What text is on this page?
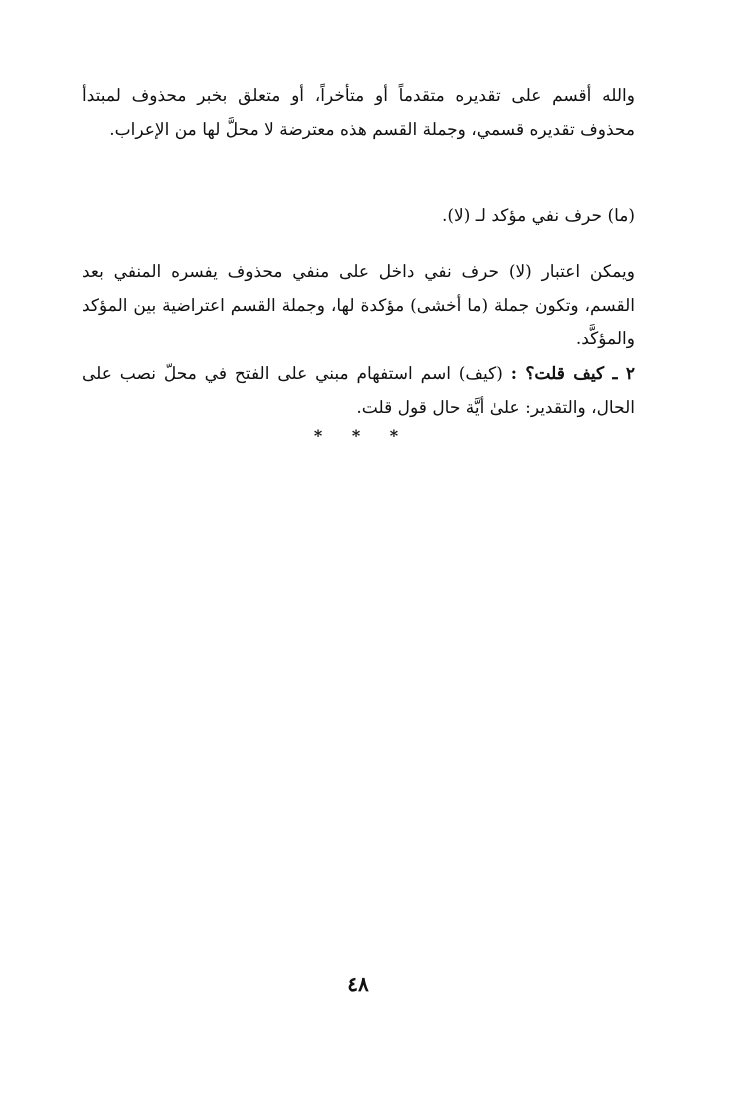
والله أقسم على تقديره متقدماً أو متأخراً، أو متعلق بخبر محذوف لمبتدأ محذوف تقديره قسمي، وجملة القسم هذه معترضة لا محلَّ لها من الإعراب.

(ما) حرف نفي مؤكد لـ (لا).

ويمكن اعتبار (لا) حرف نفي داخل على منفي محذوف يفسره المنفي بعد القسم، وتكون جملة (ما أخشى) مؤكدة لها، وجملة القسم اعتراضية بين المؤكد والمؤكَّد.

٢ ـ كيف قلت؟ : (كيف) اسم استفهام مبني على الفتح في محلّ نصب على الحال، والتقدير: علىٰ أيَّة حال قول قلت.

* * *
٤٨
